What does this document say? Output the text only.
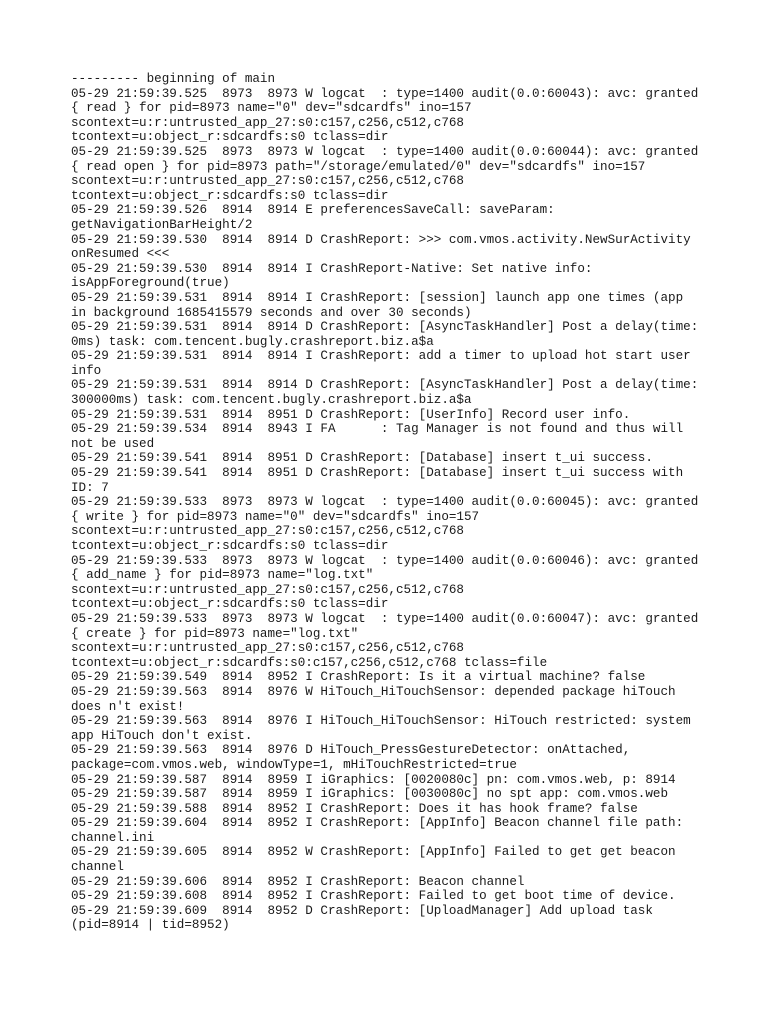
--------- beginning of main
05-29 21:59:39.525  8973  8973 W logcat  : type=1400 audit(0.0:60043): avc: granted
{ read } for pid=8973 name="0" dev="sdcardfs" ino=157
scontext=u:r:untrusted_app_27:s0:c157,c256,c512,c768
tcontext=u:object_r:sdcardfs:s0 tclass=dir
05-29 21:59:39.525  8973  8973 W logcat  : type=1400 audit(0.0:60044): avc: granted
{ read open } for pid=8973 path="/storage/emulated/0" dev="sdcardfs" ino=157
scontext=u:r:untrusted_app_27:s0:c157,c256,c512,c768
tcontext=u:object_r:sdcardfs:s0 tclass=dir
05-29 21:59:39.526  8914  8914 E preferencesSaveCall: saveParam:
getNavigationBarHeight/2
05-29 21:59:39.530  8914  8914 D CrashReport: >>> com.vmos.activity.NewSurActivity
onResumed <<<
05-29 21:59:39.530  8914  8914 I CrashReport-Native: Set native info:
isAppForeground(true)
05-29 21:59:39.531  8914  8914 I CrashReport: [session] launch app one times (app
in background 1685415579 seconds and over 30 seconds)
05-29 21:59:39.531  8914  8914 D CrashReport: [AsyncTaskHandler] Post a delay(time:
0ms) task: com.tencent.bugly.crashreport.biz.a$a
05-29 21:59:39.531  8914  8914 I CrashReport: add a timer to upload hot start user
info
05-29 21:59:39.531  8914  8914 D CrashReport: [AsyncTaskHandler] Post a delay(time:
300000ms) task: com.tencent.bugly.crashreport.biz.a$a
05-29 21:59:39.531  8914  8951 D CrashReport: [UserInfo] Record user info.
05-29 21:59:39.534  8914  8943 I FA      : Tag Manager is not found and thus will
not be used
05-29 21:59:39.541  8914  8951 D CrashReport: [Database] insert t_ui success.
05-29 21:59:39.541  8914  8951 D CrashReport: [Database] insert t_ui success with
ID: 7
05-29 21:59:39.533  8973  8973 W logcat  : type=1400 audit(0.0:60045): avc: granted
{ write } for pid=8973 name="0" dev="sdcardfs" ino=157
scontext=u:r:untrusted_app_27:s0:c157,c256,c512,c768
tcontext=u:object_r:sdcardfs:s0 tclass=dir
05-29 21:59:39.533  8973  8973 W logcat  : type=1400 audit(0.0:60046): avc: granted
{ add_name } for pid=8973 name="log.txt"
scontext=u:r:untrusted_app_27:s0:c157,c256,c512,c768
tcontext=u:object_r:sdcardfs:s0 tclass=dir
05-29 21:59:39.533  8973  8973 W logcat  : type=1400 audit(0.0:60047): avc: granted
{ create } for pid=8973 name="log.txt"
scontext=u:r:untrusted_app_27:s0:c157,c256,c512,c768
tcontext=u:object_r:sdcardfs:s0:c157,c256,c512,c768 tclass=file
05-29 21:59:39.549  8914  8952 I CrashReport: Is it a virtual machine? false
05-29 21:59:39.563  8914  8976 W HiTouch_HiTouchSensor: depended package hiTouch
does n't exist!
05-29 21:59:39.563  8914  8976 I HiTouch_HiTouchSensor: HiTouch restricted: system
app HiTouch don't exist.
05-29 21:59:39.563  8914  8976 D HiTouch_PressGestureDetector: onAttached,
package=com.vmos.web, windowType=1, mHiTouchRestricted=true
05-29 21:59:39.587  8914  8959 I iGraphics: [0020080c] pn: com.vmos.web, p: 8914
05-29 21:59:39.587  8914  8959 I iGraphics: [0030080c] no spt app: com.vmos.web
05-29 21:59:39.588  8914  8952 I CrashReport: Does it has hook frame? false
05-29 21:59:39.604  8914  8952 I CrashReport: [AppInfo] Beacon channel file path:
channel.ini
05-29 21:59:39.605  8914  8952 W CrashReport: [AppInfo] Failed to get get beacon
channel
05-29 21:59:39.606  8914  8952 I CrashReport: Beacon channel
05-29 21:59:39.608  8914  8952 I CrashReport: Failed to get boot time of device.
05-29 21:59:39.609  8914  8952 D CrashReport: [UploadManager] Add upload task
(pid=8914 | tid=8952)
